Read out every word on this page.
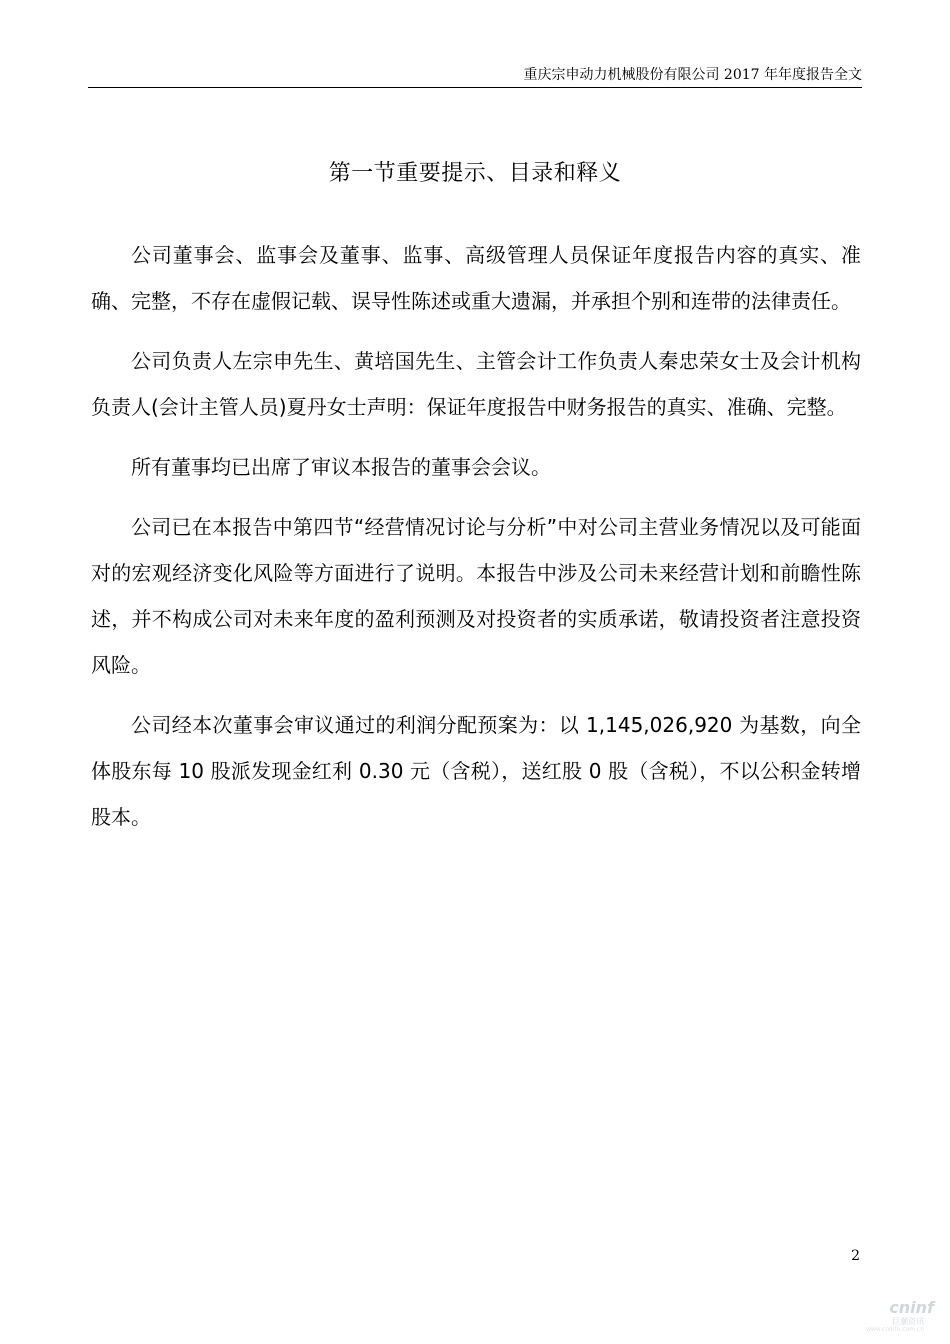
重庆宗申动力机械股份有限公司 2017 年年度报告全文
第一节重要提示、目录和释义

公司董事会、监事会及董事、监事、高级管理人员保证年度报告内容的真实、准确、完整，不存在虚假记载、误导性陈述或重大遗漏，并承担个别和连带的法律责任。

公司负责人左宗申先生、黄培国先生、主管会计工作负责人秦忠荣女士及会计机构负责人(会计主管人员)夏丹女士声明：保证年度报告中财务报告的真实、准确、完整。

所有董事均已出席了审议本报告的董事会会议。

公司已在本报告中第四节“经营情况讨论与分析”中对公司主营业务情况以及可能面对的宏观经济变化风险等方面进行了说明。本报告中涉及公司未来经营计划和前瞻性陈述，并不构成公司对未来年度的盈利预测及对投资者的实质承诺，敬请投资者注意投资风险。

公司经本次董事会审议通过的利润分配预案为：以 1,145,026,920 为基数，向全体股东每 10 股派发现金红利 0.30 元（含税），送红股 0 股（含税），不以公积金转增股本。

2
cninf
巨潮资讯
www.cninfo.com.cn
